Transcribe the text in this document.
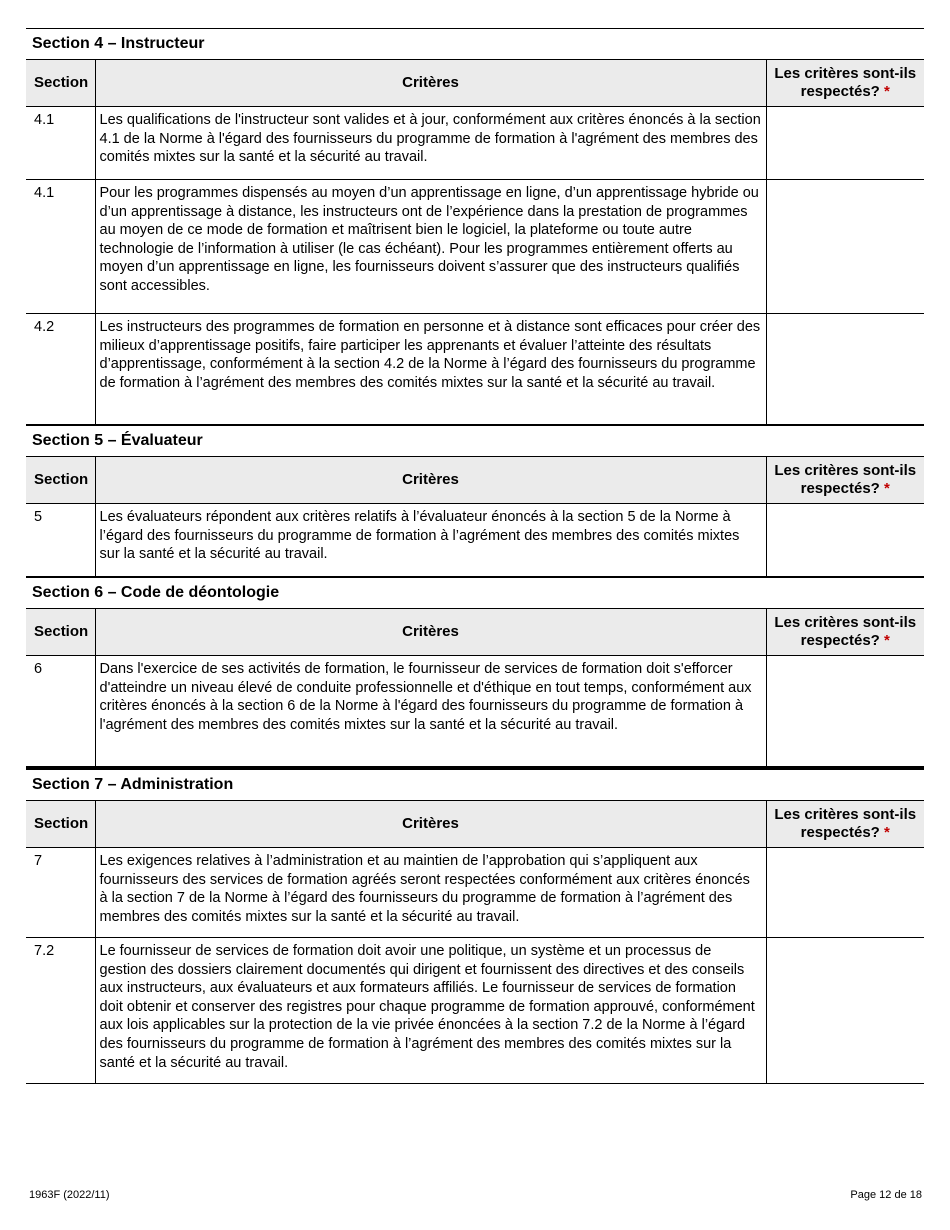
Section 4 – Instructeur
Section	Critères	Les critères sont-ils respectés? *
4.1	Les qualifications de l'instructeur sont valides et à jour, conformément aux critères énoncés à la section 4.1 de la Norme à l'égard des fournisseurs du programme de formation à l'agrément des membres des comités mixtes sur la santé et la sécurité au travail.	
4.1	Pour les programmes dispensés au moyen d’un apprentissage en ligne, d’un apprentissage hybride ou d’un apprentissage à distance, les instructeurs ont de l’expérience dans la prestation de programmes au moyen de ce mode de formation et maîtrisent bien le logiciel, la plateforme ou toute autre technologie de l’information à utiliser (le cas échéant). Pour les programmes entièrement offerts au moyen d’un apprentissage en ligne, les fournisseurs doivent s’assurer que des instructeurs qualifiés sont accessibles.	
4.2	Les instructeurs des programmes de formation en personne et à distance sont efficaces pour créer des milieux d’apprentissage positifs, faire participer les apprenants et évaluer l’atteinte des résultats d’apprentissage, conformément à la section 4.2 de la Norme à l’égard des fournisseurs du programme de formation à l’agrément des membres des comités mixtes sur la santé et la sécurité au travail.	
Section 5 – Évaluateur
Section	Critères	Les critères sont-ils respectés? *
5	Les évaluateurs répondent aux critères relatifs à l’évaluateur énoncés à la section 5 de la Norme à l’égard des fournisseurs du programme de formation à l’agrément des membres des comités mixtes sur la santé et la sécurité au travail.	
Section 6 – Code de déontologie
Section	Critères	Les critères sont-ils respectés? *
6	Dans l'exercice de ses activités de formation, le fournisseur de services de formation doit s'efforcer d'atteindre un niveau élevé de conduite professionnelle et d'éthique en tout temps, conformément aux critères énoncés à la section 6 de la Norme à l'égard des fournisseurs du programme de formation à l'agrément des membres des comités mixtes sur la santé et la sécurité au travail.	
Section 7 – Administration
Section	Critères	Les critères sont-ils respectés? *
7	Les exigences relatives à l’administration et au maintien de l’approbation qui s’appliquent aux fournisseurs des services de formation agréés seront respectées conformément aux critères énoncés à la section 7 de la Norme à l’égard des fournisseurs du programme de formation à l’agrément des membres des comités mixtes sur la santé et la sécurité au travail.	
7.2	Le fournisseur de services de formation doit avoir une politique, un système et un processus de gestion des dossiers clairement documentés qui dirigent et fournissent des directives et des conseils aux instructeurs, aux évaluateurs et aux formateurs affiliés. Le fournisseur de services de formation doit obtenir et conserver des registres pour chaque programme de formation approuvé, conformément aux lois applicables sur la protection de la vie privée énoncées à la section 7.2 de la Norme à l’égard des fournisseurs du programme de formation à l’agrément des membres des comités mixtes sur la santé et la sécurité au travail.	
1963F (2022/11)	Page 12 de 18
